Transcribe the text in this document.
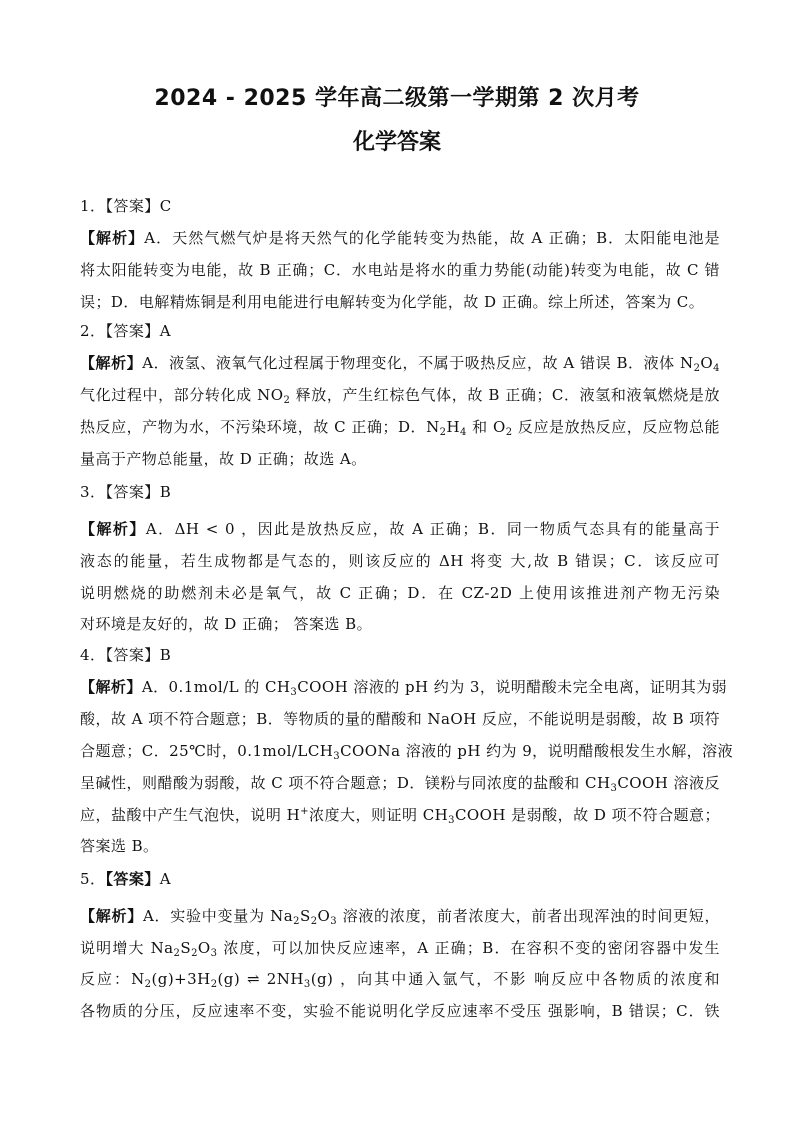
2024 - 2025 学年高二级第一学期第 2 次月考
化学答案
1．【答案】C
【解析】A．天然气燃气炉是将天然气的化学能转变为热能，故 A 正确；B．太阳能电池是
将太阳能转变为电能，故 B 正确；C．水电站是将水的重力势能(动能)转变为电能，故 C 错
误；D．电解精炼铜是利用电能进行电解转变为化学能，故 D 正确。综上所述，答案为 C。
2．【答案】A
【解析】A．液氢、液氧气化过程属于物理变化，不属于吸热反应，故 A 错误 B．液体 $N_2O_4$
气化过程中，部分转化成 $NO_2$ 释放，产生红棕色气体，故 B 正确；C．液氢和液氧燃烧是放
热反应，产物为水，不污染环境，故 C 正确；D．$N_2H_4$ 和 $O_2$ 反应是放热反应，反应物总能
量高于产物总能量，故 D 正确；故选 A。
3．【答案】B
【解析】A．ΔH < 0 ，因此是放热反应，故 A 正确；B．同一物质气态具有的能量高于
液态的能量，若生成物都是气态的，则该反应的 ΔH 将变 大,故 B 错误；C．该反应可
说明燃烧的助燃剂未必是氧气，故 C 正确；D．在 CZ-2D 上使用该推进剂产物无污染
对环境是友好的，故 D 正确； 答案选 B。
4．【答案】B
【解析】A．0.1mol/L 的 $CH_3COOH$ 溶液的 pH 约为 3，说明醋酸未完全电离，证明其为弱
酸，故 A 项不符合题意；B．等物质的量的醋酸和 NaOH 反应，不能说明是弱酸，故 B 项符
合题意；C．25℃时，$0.1mol/LCH_3COONa$ 溶液的 pH 约为 9，说明醋酸根发生水解，溶液
呈碱性，则醋酸为弱酸，故 C 项不符合题意；D．镁粉与同浓度的盐酸和 $CH_3COOH$ 溶液反
应，盐酸中产生气泡快，说明 H+浓度大，则证明 $CH_3COOH$ 是弱酸，故 D 项不符合题意；
答案选 B。
5．【答案】A
【解析】A．实验中变量为 $Na_2S_2O_3$ 溶液的浓度，前者浓度大，前者出现浑浊的时间更短，
说明增大 $Na_2S_2O_3$ 浓度，可以加快反应速率，A 正确；B．在容积不变的密闭容器中发生
反应：$N_2(g)+3H_2(g)$ ⇌ $2NH_3(g)$ ，向其中通入氩气，不影 响反应中各物质的浓度和
各物质的分压，反应速率不变，实验不能说明化学反应速率不受压 强影响，B 错误；C．铁
